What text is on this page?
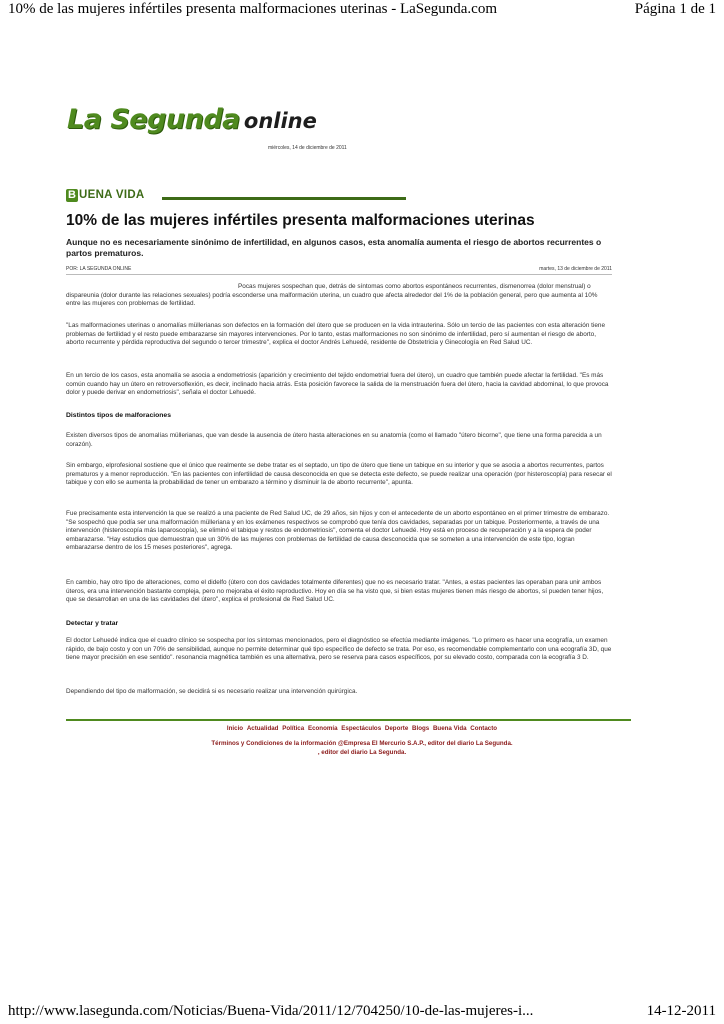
10% de las mujeres infértiles presenta malformaciones uterinas - LaSegunda.com	Página 1 de 1
La Segunda online
miércoles, 14 de diciembre de 2011
B UENA VIDA
10% de las mujeres infértiles presenta malformaciones uterinas

Aunque no es necesariamente sinónimo de infertilidad, en algunos casos, esta anomalía aumenta el riesgo de abortos recurrentes o partos prematuros.

POR: LA SEGUNDA ONLINE	martes, 13 de diciembre de 2011

Pocas mujeres sospechan que, detrás de síntomas como abortos espontáneos recurrentes, dismenorrea (dolor menstrual) o dispareunia (dolor durante las relaciones sexuales) podría esconderse una malformación uterina, un cuadro que afecta alrededor del 1% de la población general, pero que aumenta al 10% entre las mujeres con problemas de fertilidad.

"Las malformaciones uterinas o anomalías müllerianas son defectos en la formación del útero que se producen en la vida intrauterina. Sólo un tercio de las pacientes con esta alteración tiene problemas de fertilidad y el resto puede embarazarse sin mayores intervenciones. Por lo tanto, estas malformaciones no son sinónimo de infertilidad, pero sí aumentan el riesgo de aborto, aborto recurrente y pérdida reproductiva del segundo o tercer trimestre", explica el doctor Andrés Lehuedé, residente de Obstetricia y Ginecología en Red Salud UC.

En un tercio de los casos, esta anomalía se asocia a endometriosis (aparición y crecimiento del tejido endometrial fuera del útero), un cuadro que también puede afectar la fertilidad. "Es más común cuando hay un útero en retroversoflexión, es decir, inclinado hacia atrás. Esta posición favorece la salida de la menstruación fuera del útero, hacia la cavidad abdominal, lo que provoca dolor y puede derivar en endometriosis", señala el doctor Lehuedé.

Distintos tipos de malforaciones

Existen diversos tipos de anomalías müllerianas, que van desde la ausencia de útero hasta alteraciones en su anatomía (como el llamado "útero bicorne", que tiene una forma parecida a un corazón).

Sin embargo, elprofesional sostiene que el único que realmente se debe tratar es el septado, un tipo de útero que tiene un tabique en su interior y que se asocia a abortos recurrentes, partos prematuros y a menor reproducción. "En las pacientes con infertilidad de causa desconocida en que se detecta este defecto, se puede realizar una operación (por histeroscopía) para resecar el tabique y con ello se aumenta la probabilidad de tener un embarazo a término y disminuir la de aborto recurrente", apunta.

Fue precisamente esta intervención la que se realizó a una paciente de Red Salud UC, de 29 años, sin hijos y con el antecedente de un aborto espontáneo en el primer trimestre de embarazo. "Se sospechó que podía ser una malformación mülleriana y en los exámenes respectivos se comprobó que tenía dos cavidades, separadas por un tabique. Posteriormente, a través de una intervención (histeroscopía más laparoscopía), se eliminó el tabique y restos de endometriosis", comenta el doctor Lehuedé. Hoy está en proceso de recuperación y a la espera de poder embarazarse. "Hay estudios que demuestran que un 30% de las mujeres con problemas de fertilidad de causa desconocida que se someten a una intervención de este tipo, logran embarazarse dentro de los 15 meses posteriores", agrega.

En cambio, hay otro tipo de alteraciones, como el didelfo (útero con dos cavidades totalmente diferentes) que no es necesario tratar. "Antes, a estas pacientes las operaban para unir ambos úteros, era una intervención bastante compleja, pero no mejoraba el éxito reproductivo. Hoy en día se ha visto que, si bien estas mujeres tienen más riesgo de abortos, sí pueden tener hijos, que se desarrollan en una de las cavidades del útero", explica el profesional de Red Salud UC.

Detectar y tratar

El doctor Lehuedé indica que el cuadro clínico se sospecha por los síntomas mencionados, pero el diagnóstico se efectúa mediante imágenes. "Lo primero es hacer una ecografía, un examen rápido, de bajo costo y con un 70% de sensibilidad, aunque no permite determinar qué tipo específico de defecto se trata. Por eso, es recomendable complementarlo con una ecografía 3D, que tiene mayor precisión en ese sentido". resonancia magnética también es una alternativa, pero se reserva para casos específicos, por su elevado costo, comparada con la ecografía 3 D.

Dependiendo del tipo de malformación, se decidirá si es necesario realizar una intervención quirúrgica.

Inicio Actualidad Política Economía Espectáculos Deporte Blogs Buena Vida Contacto
Términos y Condiciones de la información @Empresa El Mercurio S.A.P., editor del diario La Segunda.
, editor del diario La Segunda.
http://www.lasegunda.com/Noticias/Buena-Vida/2011/12/704250/10-de-las-mujeres-i...	14-12-2011
